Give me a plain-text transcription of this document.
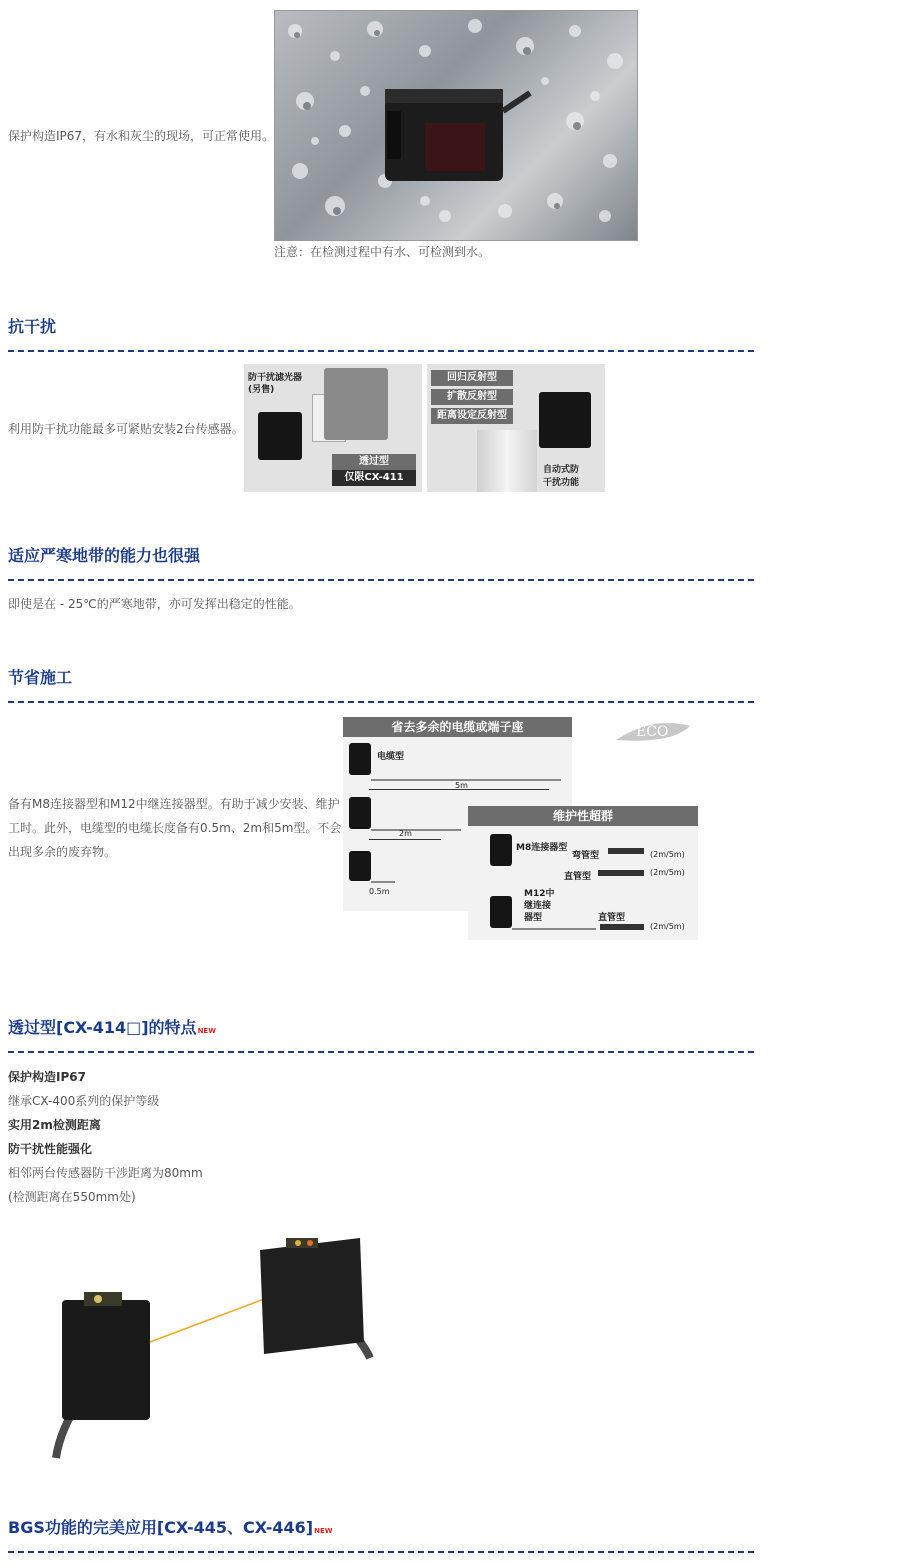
保护构造IP67，有水和灰尘的现场，可正常使用。
注意：在检测过程中有水、可检测到水。
抗干扰
利用防干扰功能最多可紧贴安装2台传感器。
防干扰滤光器
(另售)
透过型
仅限CX-411
回归反射型
扩散反射型
距离设定反射型
自动式防
干扰功能
适应严寒地带的能力也很强
即使是在 - 25℃的严寒地带，亦可发挥出稳定的性能。
节省施工
备有M8连接器型和M12中继连接器型。有助于减少安装、维护工时。此外，电缆型的电缆长度备有0.5m、2m和5m型。不会出现多余的废弃物。
省去多余的电缆或端子座
电缆型
5m
2m
0.5m
ECO
维护性超群
M8连接器型
弯管型	(2m/5m)
直管型	(2m/5m)
M12中
继连接
器型	直管型
(2m/5m)
透过型[CX-414□]的特点NEW
保护构造IP67
继承CX-400系列的保护等级
实用2m检测距离
防干扰性能强化
相邻两台传感器防干涉距离为80mm
(检测距离在550mm处)
BGS功能的完美应用[CX-445、CX-446]NEW
